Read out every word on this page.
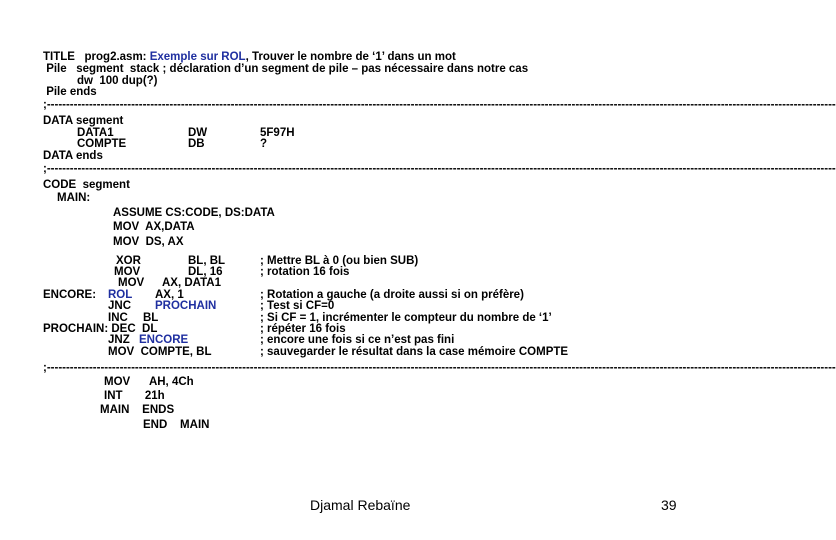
TITLE   prog2.asm: Exemple sur ROL, Trouver le nombre de ‘1’ dans un mot
Pile   segment  stack ; déclaration d’un segment de pile – pas nécessaire dans notre cas
dw  100 dup(?)
Pile ends
;--------------------------------------------------------------------------------------------------------------------------------------------------------------------------------------------------------------
DATA segment
DATA1	DW	5F97H
COMPTE	DB	?
DATA ends
;--------------------------------------------------------------------------------------------------------------------------------------------------------------------------------------------------------------
CODE  segment
MAIN:
ASSUME CS:CODE, DS:DATA
MOV  AX,DATA
MOV  DS, AX
XOR	BL, BL	; Mettre BL à 0 (ou bien SUB)
MOV	DL, 16	; rotation 16 fois
MOV AX, DATA1
ENCORE: ROL AX, 1	; Rotation a gauche (a droite aussi si on préfère)
JNC PROCHAIN	; Test si CF=0
INC BL	; Si CF = 1, incrémenter le compteur du nombre de ‘1’
PROCHAIN: DEC  DL	; répéter 16 fois
JNZ ENCORE	; encore une fois si ce n’est pas fini
MOV  COMPTE, BL	; sauvegarder le résultat dans la case mémoire COMPTE
;--------------------------------------------------------------------------------------------------------------------------------------------------------------------------------------------------------------
MOV      AH, 4Ch
INT       21h
MAIN    ENDS
END    MAIN
Djamal Rebaïne	39
